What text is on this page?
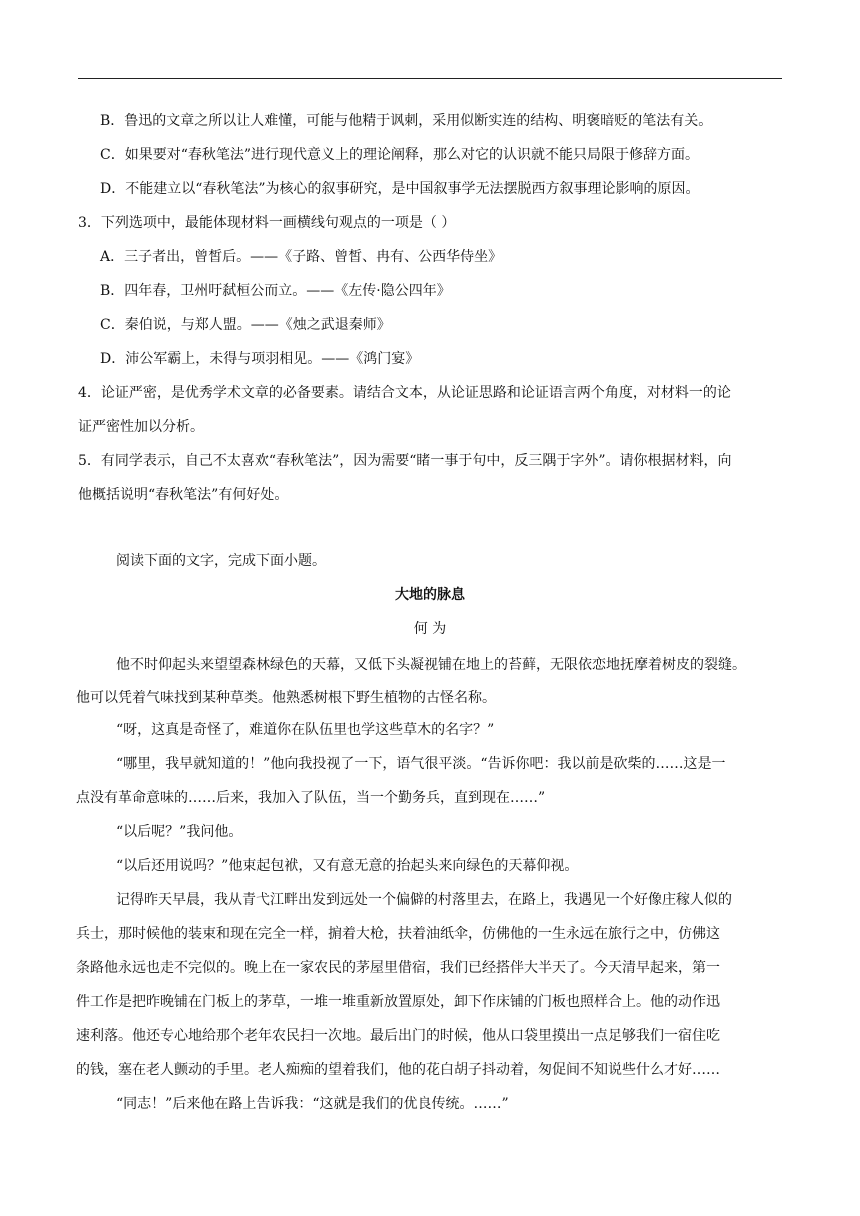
B．鲁迅的文章之所以让人难懂，可能与他精于讽刺，采用似断实连的结构、明褒暗贬的笔法有关。
C．如果要对“春秋笔法”进行现代意义上的理论阐释，那么对它的认识就不能只局限于修辞方面。
D．不能建立以“春秋笔法”为核心的叙事研究，是中国叙事学无法摆脱西方叙事理论影响的原因。
3．下列选项中，最能体现材料一画横线句观点的一项是（ ）
A．三子者出，曾皙后。——《子路、曾皙、冉有、公西华侍坐》
B．四年春，卫州吁弑桓公而立。——《左传·隐公四年》
C．秦伯说，与郑人盟。——《烛之武退秦师》
D．沛公军霸上，未得与项羽相见。——《鸿门宴》
4．论证严密，是优秀学术文章的必备要素。请结合文本，从论证思路和论证语言两个角度，对材料一的论
证严密性加以分析。
5．有同学表示，自己不太喜欢“春秋笔法”，因为需要“睹一事于句中，反三隅于字外”。请你根据材料，向
他概括说明“春秋笔法”有何好处。
阅读下面的文字，完成下面小题。
大地的脉息
何 为
他不时仰起头来望望森林绿色的天幕，又低下头凝视铺在地上的苔藓，无限依恋地抚摩着树皮的裂缝。
他可以凭着气味找到某种草类。他熟悉树根下野生植物的古怪名称。
“呀，这真是奇怪了，难道你在队伍里也学这些草木的名字？”
“哪里，我早就知道的！”他向我投视了一下，语气很平淡。“告诉你吧：我以前是砍柴的……这是一
点没有革命意味的……后来，我加入了队伍，当一个勤务兵，直到现在……”
“以后呢？”我问他。
“以后还用说吗？”他束起包袱，又有意无意的抬起头来向绿色的天幕仰视。
记得昨天早晨，我从青弋江畔出发到远处一个偏僻的村落里去，在路上，我遇见一个好像庄稼人似的
兵士，那时候他的装束和现在完全一样，掮着大枪，扶着油纸伞，仿佛他的一生永远在旅行之中，仿佛这
条路他永远也走不完似的。晚上在一家农民的茅屋里借宿，我们已经搭伴大半天了。今天清早起来，第一
件工作是把昨晚铺在门板上的茅草，一堆一堆重新放置原处，卸下作床铺的门板也照样合上。他的动作迅
速利落。他还专心地给那个老年农民扫一次地。最后出门的时候，他从口袋里摸出一点足够我们一宿住吃
的钱，塞在老人颤动的手里。老人痴痴的望着我们，他的花白胡子抖动着，匆促间不知说些什么才好……
“同志！”后来他在路上告诉我：“这就是我们的优良传统。……”
